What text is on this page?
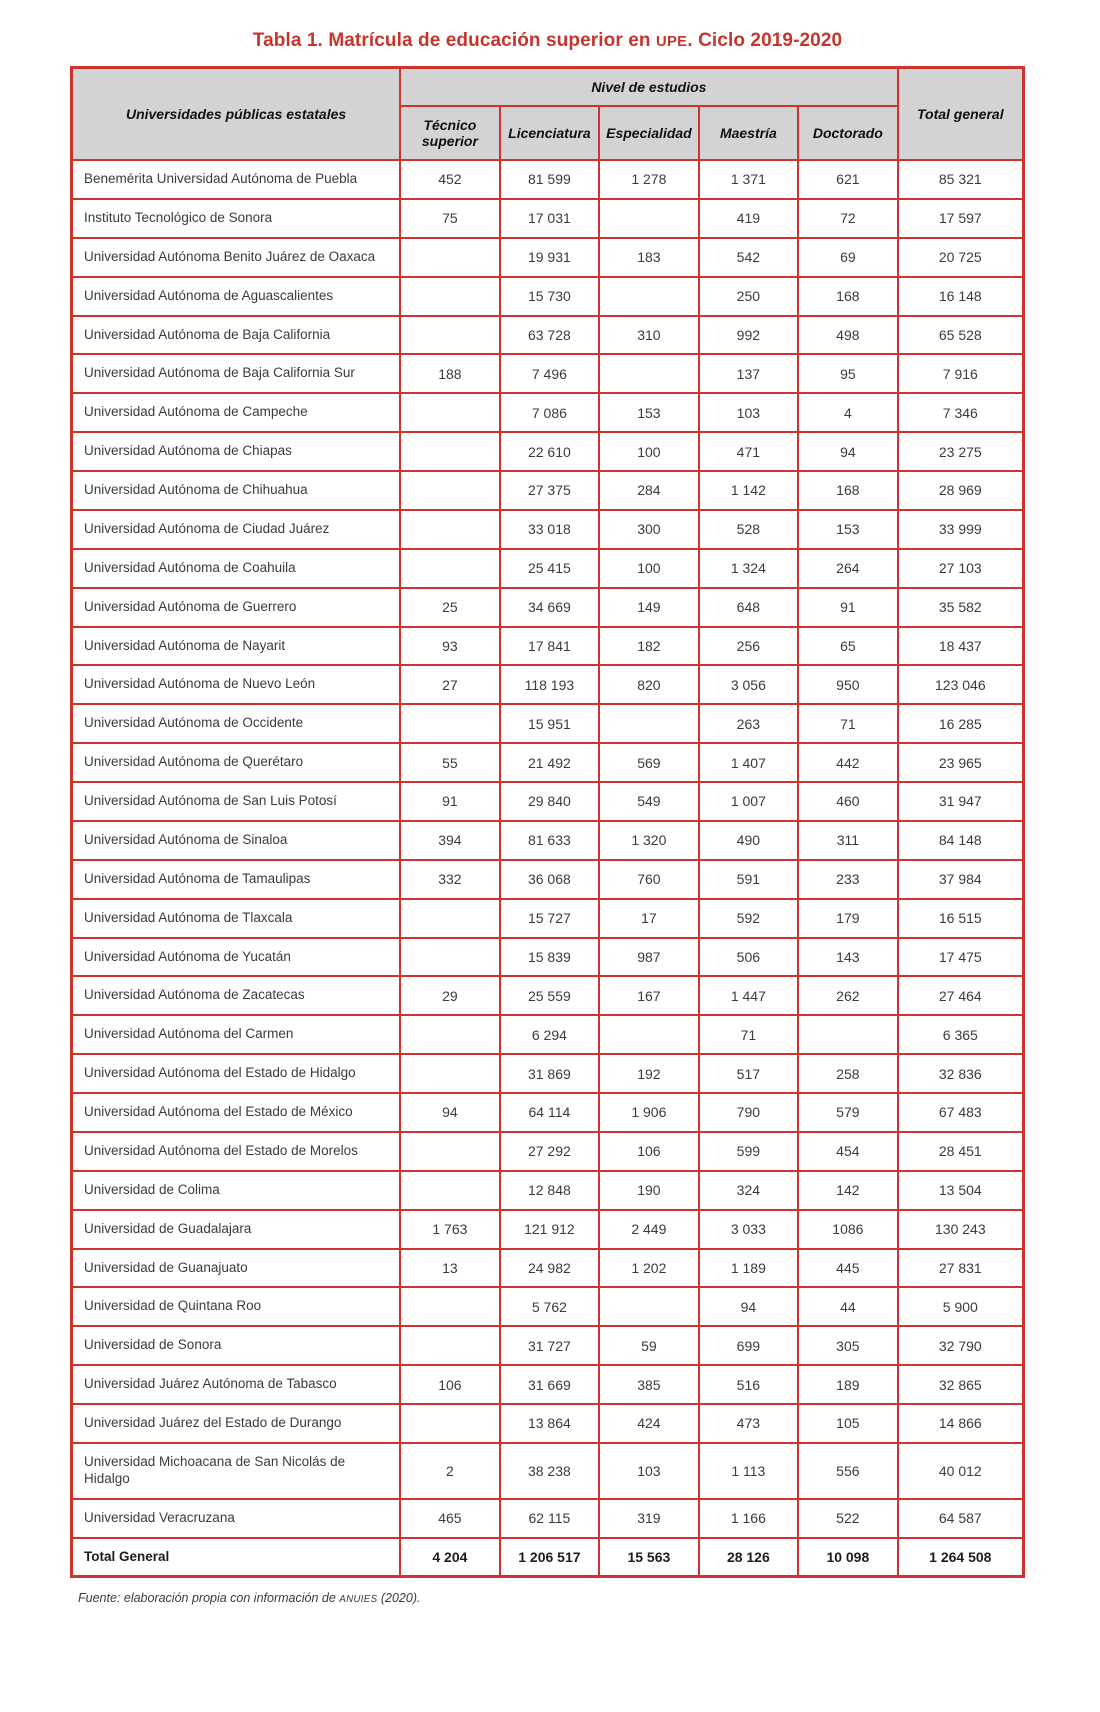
Tabla 1. Matrícula de educación superior en UPE. Ciclo 2019-2020
Universidades públicas estatales	Nivel de estudios					Total general
	Técnico superior	Licenciatura	Especialidad	Maestría	Doctorado	
Benemérita Universidad Autónoma de Puebla	452	81 599	1 278	1 371	621	85 321
Instituto Tecnológico de Sonora	75	17 031		419	72	17 597
Universidad Autónoma Benito Juárez de Oaxaca		19 931	183	542	69	20 725
Universidad Autónoma de Aguascalientes		15 730		250	168	16 148
Universidad Autónoma de Baja California		63 728	310	992	498	65 528
Universidad Autónoma de Baja California Sur	188	7 496		137	95	7 916
Universidad Autónoma de Campeche		7 086	153	103	4	7 346
Universidad Autónoma de Chiapas		22 610	100	471	94	23 275
Universidad Autónoma de Chihuahua		27 375	284	1 142	168	28 969
Universidad Autónoma de Ciudad Juárez		33 018	300	528	153	33 999
Universidad Autónoma de Coahuila		25 415	100	1 324	264	27 103
Universidad Autónoma de Guerrero	25	34 669	149	648	91	35 582
Universidad Autónoma de Nayarit	93	17 841	182	256	65	18 437
Universidad Autónoma de Nuevo León	27	118 193	820	3 056	950	123 046
Universidad Autónoma de Occidente		15 951		263	71	16 285
Universidad Autónoma de Querétaro	55	21 492	569	1 407	442	23 965
Universidad Autónoma de San Luis Potosí	91	29 840	549	1 007	460	31 947
Universidad Autónoma de Sinaloa	394	81 633	1 320	490	311	84 148
Universidad Autónoma de Tamaulipas	332	36 068	760	591	233	37 984
Universidad Autónoma de Tlaxcala		15 727	17	592	179	16 515
Universidad Autónoma de Yucatán		15 839	987	506	143	17 475
Universidad Autónoma de Zacatecas	29	25 559	167	1 447	262	27 464
Universidad Autónoma del Carmen		6 294		71		6 365
Universidad Autónoma del Estado de Hidalgo		31 869	192	517	258	32 836
Universidad Autónoma del Estado de México	94	64 114	1 906	790	579	67 483
Universidad Autónoma del Estado de Morelos		27 292	106	599	454	28 451
Universidad de Colima		12 848	190	324	142	13 504
Universidad de Guadalajara	1 763	121 912	2 449	3 033	1086	130 243
Universidad de Guanajuato	13	24 982	1 202	1 189	445	27 831
Universidad de Quintana Roo		5 762		94	44	5 900
Universidad de Sonora		31 727	59	699	305	32 790
Universidad Juárez Autónoma de Tabasco	106	31 669	385	516	189	32 865
Universidad Juárez del Estado de Durango		13 864	424	473	105	14 866
Universidad Michoacana de San Nicolás de Hidalgo	2	38 238	103	1 113	556	40 012
Universidad Veracruzana	465	62 115	319	1 166	522	64 587
Total General	4 204	1 206 517	15 563	28 126	10 098	1 264 508

Fuente: elaboración propia con información de ANUIES (2020).
